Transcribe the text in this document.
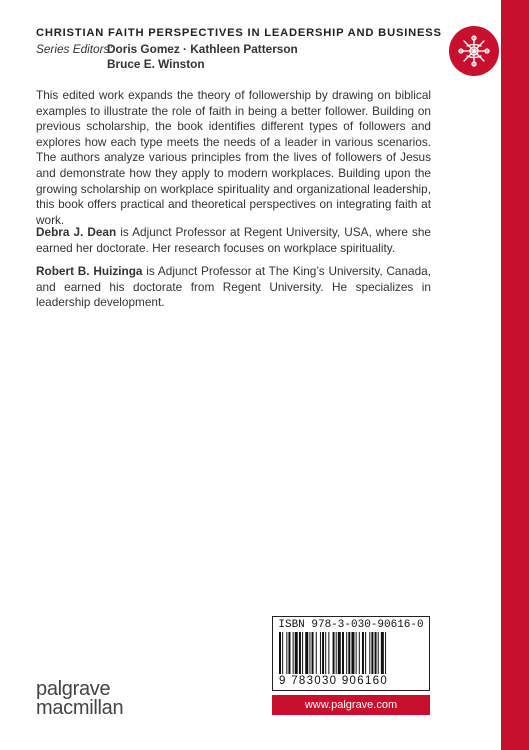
CHRISTIAN FAITH PERSPECTIVES IN LEADERSHIP AND BUSINESS
Series Editors:
Doris Gomez · Kathleen Patterson
Bruce E. Winston

This edited work expands the theory of followership by drawing on biblical examples to illustrate the role of faith in being a better follower. Building on previous scholarship, the book identifies different types of followers and explores how each type meets the needs of a leader in various scenarios. The authors analyze various principles from the lives of followers of Jesus and demonstrate how they apply to modern workplaces. Building upon the growing scholarship on workplace spirituality and organizational leadership, this book offers practical and theoretical perspectives on integrating faith at work.

Debra J. Dean is Adjunct Professor at Regent University, USA, where she earned her doctorate. Her research focuses on workplace spirituality.

Robert B. Huizinga is Adjunct Professor at The King’s University, Canada, and earned his doctorate from Regent University. He specializes in leadership development.

ISBN 978-3-030-90616-0
9 783030 906160
www.palgrave.com
palgrave
macmillan
